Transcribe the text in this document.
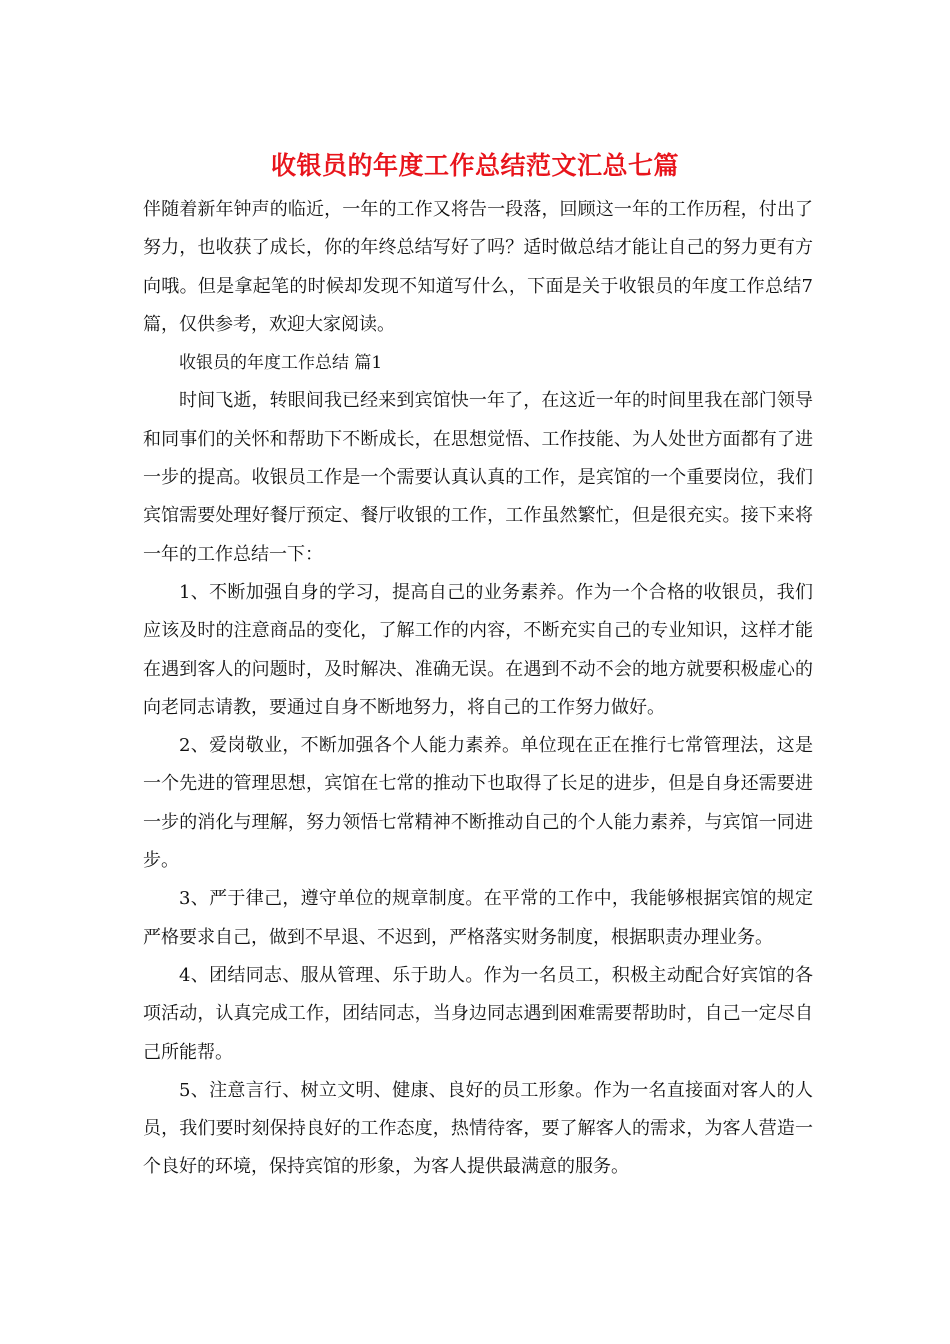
收银员的年度工作总结范文汇总七篇

伴随着新年钟声的临近，一年的工作又将告一段落，回顾这一年的工作历程，付出了努力，也收获了成长，你的年终总结写好了吗？适时做总结才能让自己的努力更有方向哦。但是拿起笔的时候却发现不知道写什么，下面是关于收银员的年度工作总结7篇，仅供参考，欢迎大家阅读。

收银员的年度工作总结 篇1

时间飞逝，转眼间我已经来到宾馆快一年了，在这近一年的时间里我在部门领导和同事们的关怀和帮助下不断成长，在思想觉悟、工作技能、为人处世方面都有了进一步的提高。收银员工作是一个需要认真认真的工作，是宾馆的一个重要岗位，我们宾馆需要处理好餐厅预定、餐厅收银的工作，工作虽然繁忙，但是很充实。接下来将一年的工作总结一下：

1、不断加强自身的学习，提高自己的业务素养。作为一个合格的收银员，我们应该及时的注意商品的变化，了解工作的内容，不断充实自己的专业知识，这样才能在遇到客人的问题时，及时解决、准确无误。在遇到不动不会的地方就要积极虚心的向老同志请教，要通过自身不断地努力，将自己的工作努力做好。

2、爱岗敬业，不断加强各个人能力素养。单位现在正在推行七常管理法，这是一个先进的管理思想，宾馆在七常的推动下也取得了长足的进步，但是自身还需要进一步的消化与理解，努力领悟七常精神不断推动自己的个人能力素养，与宾馆一同进步。

3、严于律己，遵守单位的规章制度。在平常的工作中，我能够根据宾馆的规定严格要求自己，做到不早退、不迟到，严格落实财务制度，根据职责办理业务。

4、团结同志、服从管理、乐于助人。作为一名员工，积极主动配合好宾馆的各项活动，认真完成工作，团结同志，当身边同志遇到困难需要帮助时，自己一定尽自己所能帮。

5、注意言行、树立文明、健康、良好的员工形象。作为一名直接面对客人的人员，我们要时刻保持良好的工作态度，热情待客，要了解客人的需求，为客人营造一个良好的环境，保持宾馆的形象，为客人提供最满意的服务。
